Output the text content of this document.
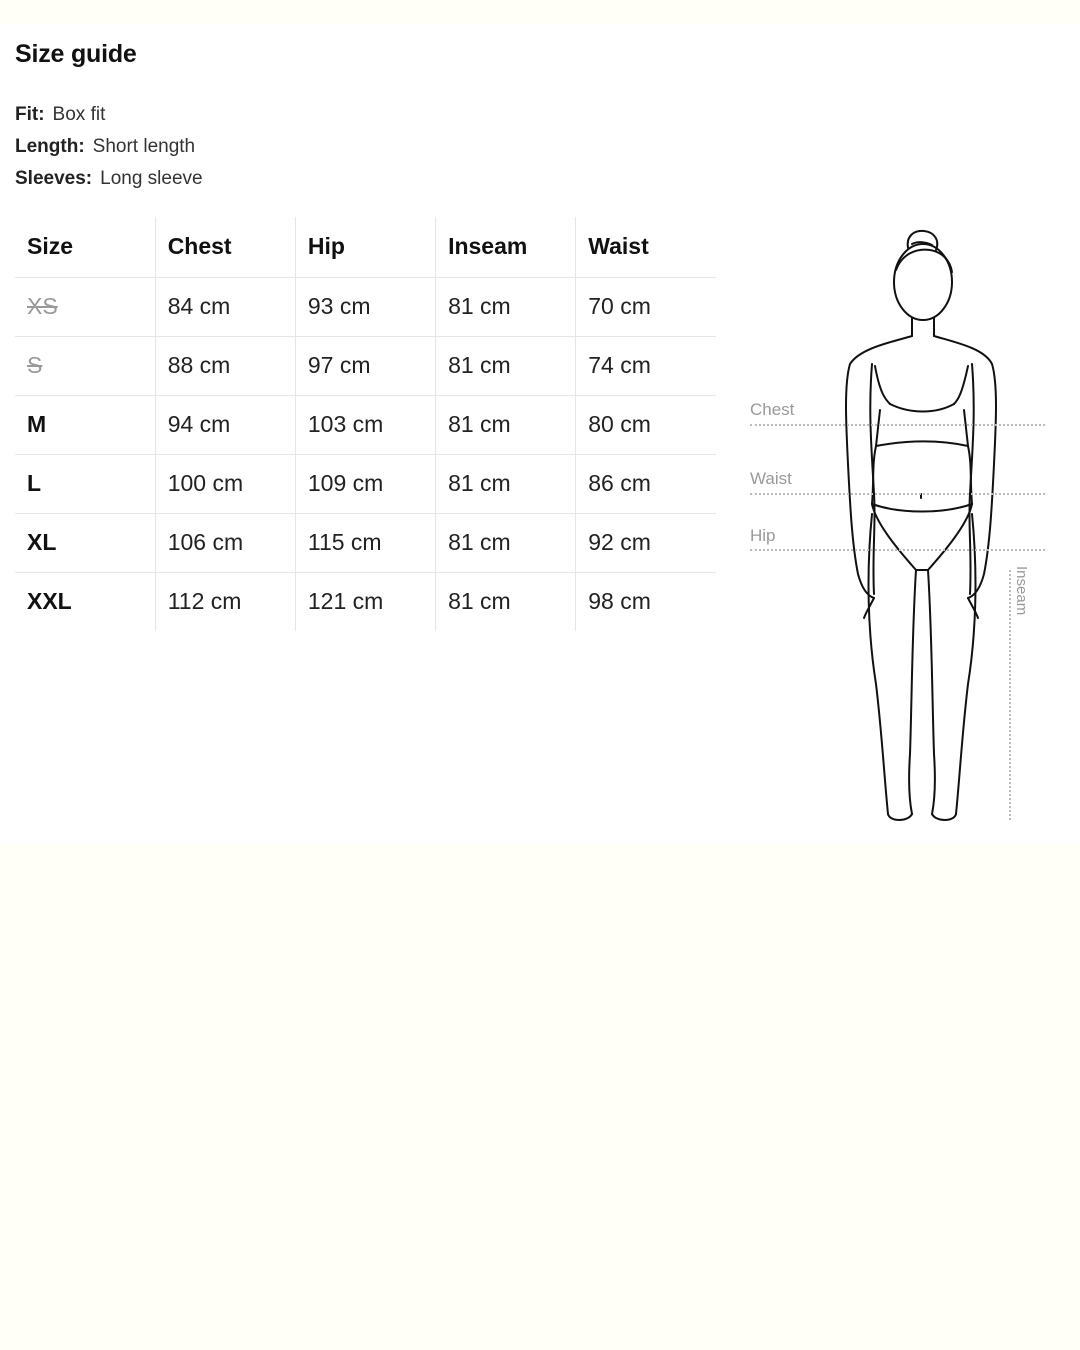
Size guide
Fit: Box fit
Length: Short length
Sleeves: Long sleeve
Size	Chest	Hip	Inseam	Waist
XS	84 cm	93 cm	81 cm	70 cm
S	88 cm	97 cm	81 cm	74 cm
M	94 cm	103 cm	81 cm	80 cm
L	100 cm	109 cm	81 cm	86 cm
XL	106 cm	115 cm	81 cm	92 cm
XXL	112 cm	121 cm	81 cm	98 cm
Chest
Waist
Hip
Inseam
